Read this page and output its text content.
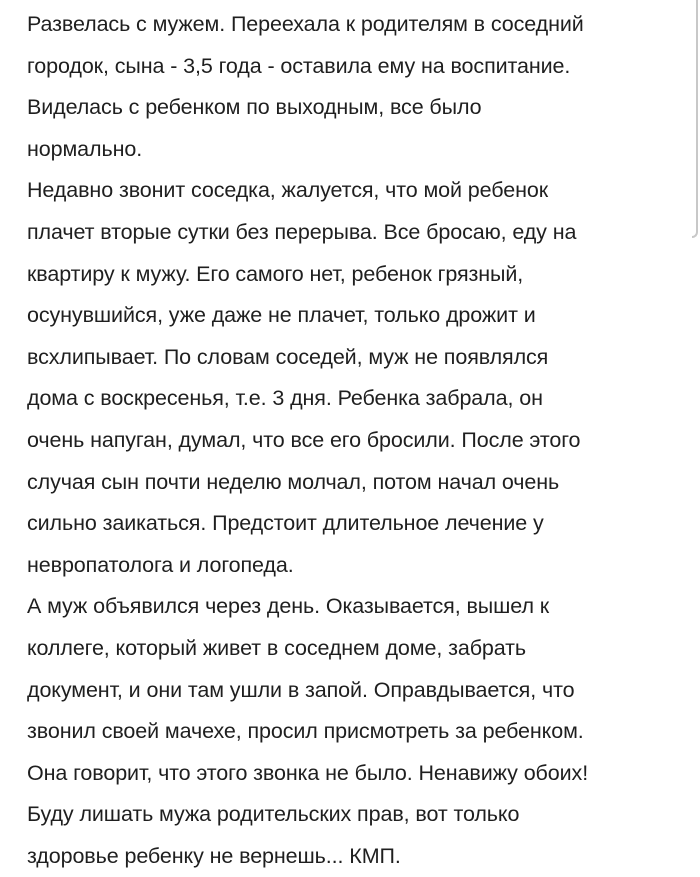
Развелась с мужем. Переехала к родителям в соседний
городок, сына - 3,5 года - оставила ему на воспитание.
Виделась с ребенком по выходным, все было
нормально.
Недавно звонит соседка, жалуется, что мой ребенок
плачет вторые сутки без перерыва. Все бросаю, еду на
квартиру к мужу. Его самого нет, ребенок грязный,
осунувшийся, уже даже не плачет, только дрожит и
всхлипывает. По словам соседей, муж не появлялся
дома с воскресенья, т.е. 3 дня. Ребенка забрала, он
очень напуган, думал, что все его бросили. После этого
случая сын почти неделю молчал, потом начал очень
сильно заикаться. Предстоит длительное лечение у
невропатолога и логопеда.
А муж объявился через день. Оказывается, вышел к
коллеге, который живет в соседнем доме, забрать
документ, и они там ушли в запой. Оправдывается, что
звонил своей мачехе, просил присмотреть за ребенком.
Она говорит, что этого звонка не было. Ненавижу обоих!
Буду лишать мужа родительских прав, вот только
здоровье ребенку не вернешь... КМП.
